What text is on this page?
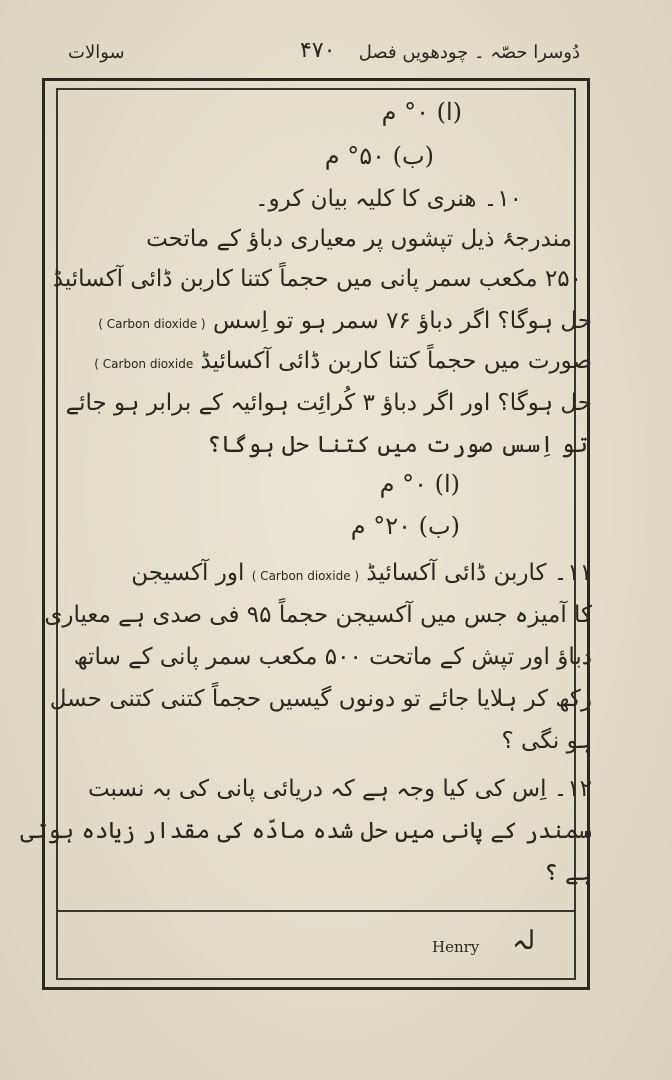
دُوسرا حصّہ ۔ چودھویں فصل
۴۷۰
سوالات
(ا) ۰° م
(ب) ۵۰° م
۱۰۔ ھنری کا کلیہ بیان کرو۔
مندرجۂ ذیل تپشوں پر معیاری دباؤ کے ماتحت
۲۵۰ مکعب سمر پانی میں حجماً کتنا کاربن ڈائی آکسائیڈ
حل ہوگا؟ اگر دباؤ ۷۶ سمر ہو تو اِسس ( Carbon dioxide )
صورت میں حجماً کتنا کاربن ڈائی آکسائیڈ ( Carbon dioxide
حل ہوگا؟ اور اگر دباؤ ۳ کُرائِت ہوائیہ کے برابر ہو جائے
تو اِسس صورت میں کتنا حل ہوگا؟
(ا) ۰° م
(ب) ۲۰° م
۱۱۔ کاربن ڈائی آکسائیڈ ( Carbon dioxide ) اور آکسیجن
کا آمیزہ جس میں آکسیجن حجماً ۹۵ فی صدی ہے معیاری
دباؤ اور تپش کے ماتحت ۵۰۰ مکعب سمر پانی کے ساتھ
رکھ کر ہلایا جائے تو دونوں گیسیں حجماً کتنی کتنی حسل
ہو نگی ؟
۱۲۔ اِس کی کیا وجہ ہے کہ دریائی پانی کی بہ نسبت
سمندر کے پانی میں حل شدہ مادّہ کی مقدار زیادہ ہوتی
ہے ؟
لہ
Henry
